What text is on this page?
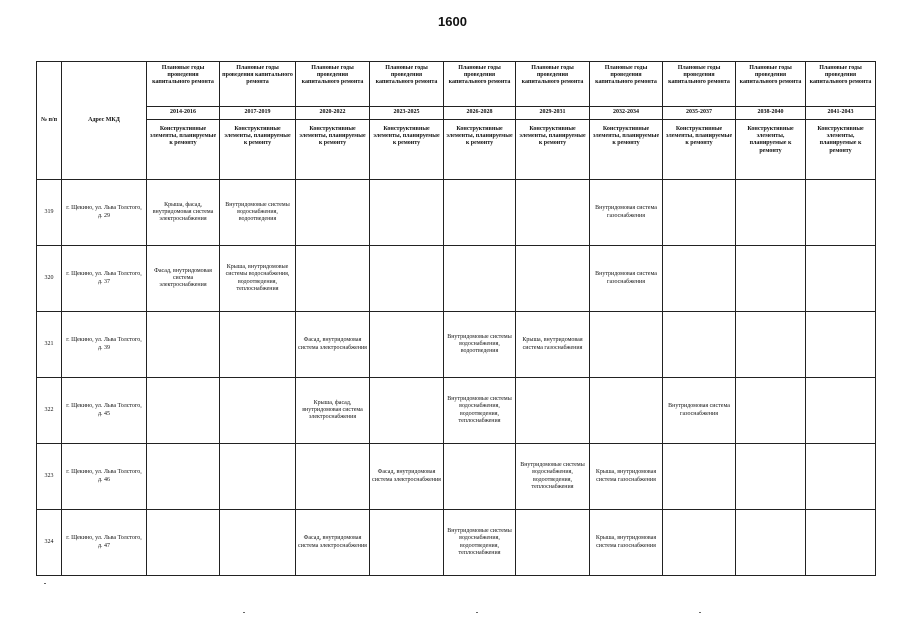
1600
№ п/п	Адрес МКД	Плановые годы проведения капитального ремонта	Плановые годы проведения капитального ремонта	Плановые годы проведения капитального ремонта	Плановые годы проведения капитального ремонта	Плановые годы проведения капитального ремонта	Плановые годы проведения капитального ремонта	Плановые годы проведения капитального ремонта	Плановые годы проведения капитального ремонта	Плановые годы проведения капитального ремонта	Плановые годы проведения капитального ремонта
		2014-2016	2017-2019	2020-2022	2023-2025	2026-2028	2029-2031	2032-2034	2035-2037	2038-2040	2041-2043
		Конструктивные элементы, планируемые к ремонту	Конструктивные элементы, планируемые к ремонту	Конструктивные элементы, планируемые к ремонту	Конструктивные элементы, планируемые к ремонту	Конструктивные элементы, планируемые к ремонту	Конструктивные элементы, планируемые к ремонту	Конструктивные элементы, планируемые к ремонту	Конструктивные элементы, планируемые к ремонту	Конструктивные элементы, планируемые к ремонту	Конструктивные элементы, планируемые к ремонту
319	г. Щекино, ул. Льва Толстого, д. 29	Крыша, фасад, внутридомовая система электроснабжения	Внутридомовые системы водоснабжения, водоотведения					Внутридомовая система газоснабжения			
320	г. Щекино, ул. Льва Толстого, д. 37	Фасад, внутридомовая система электроснабжения	Крыша, внутридомовые системы водоснабжения, водоотведения, теплоснабжения					Внутридомовая система газоснабжения			
321	г. Щекино, ул. Льва Толстого, д. 39			Фасад, внутридомовая система электроснабжения		Внутридомовые системы водоснабжения, водоотведения	Крыша, внутридомовая система газоснабжения				
322	г. Щекино, ул. Льва Толстого, д. 45			Крыша, фасад, внутридомовая система электроснабжения		Внутридомовые системы водоснабжения, водоотведения, теплоснабжения			Внутридомовая система газоснабжения		
323	г. Щекино, ул. Льва Толстого, д. 46				Фасад, внутридомовая система электроснабжения		Внутридомовые системы водоснабжения, водоотведения, теплоснабжения	Крыша, внутридомовая система газоснабжения			
324	г. Щекино, ул. Льва Толстого, д. 47			Фасад, внутридомовая система электроснабжения		Внутридомовые системы водоснабжения, водоотведения, теплоснабжения		Крыша, внутридомовая система газоснабжения			
